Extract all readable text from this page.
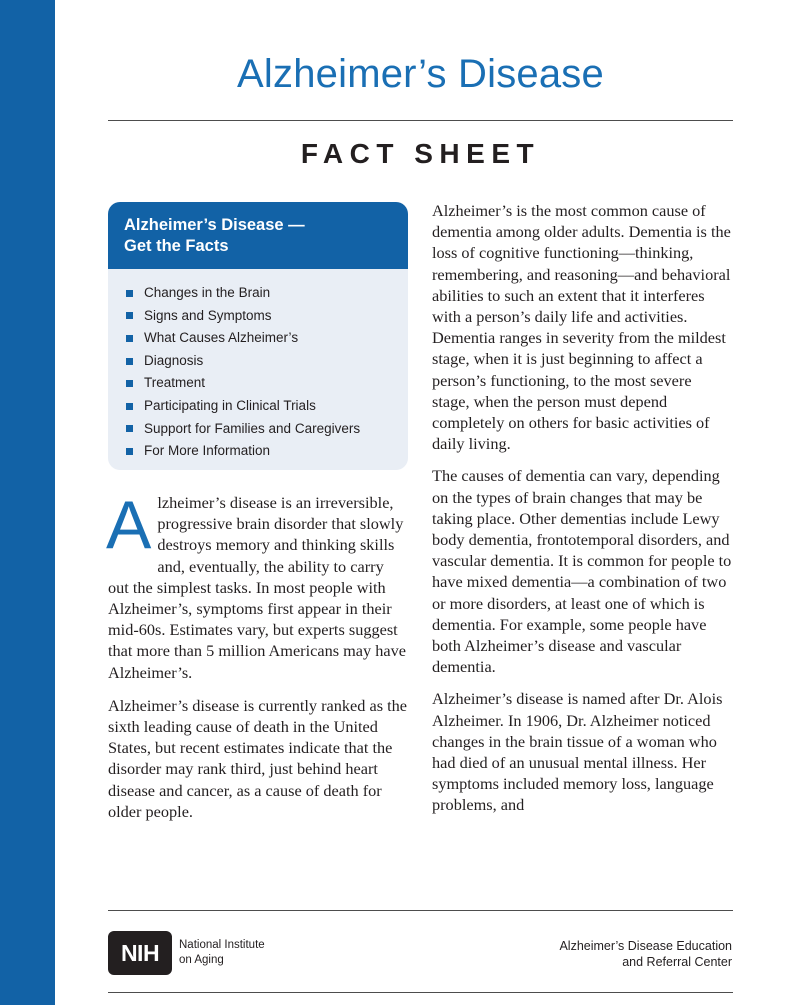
Alzheimer’s Disease
FACT SHEET
Alzheimer’s Disease —
Get the Facts
Changes in the Brain
Signs and Symptoms
What Causes Alzheimer’s
Diagnosis
Treatment
Participating in Clinical Trials
Support for Families and Caregivers
For More Information

Alzheimer’s disease is an irreversible, progressive brain disorder that slowly destroys memory and thinking skills and, eventually, the ability to carry out the simplest tasks. In most people with Alzheimer’s, symptoms first appear in their mid-60s. Estimates vary, but experts suggest that more than 5 million Americans may have Alzheimer’s.

Alzheimer’s disease is currently ranked as the sixth leading cause of death in the United States, but recent estimates indicate that the disorder may rank third, just behind heart disease and cancer, as a cause of death for older people.

Alzheimer’s is the most common cause of dementia among older adults. Dementia is the loss of cognitive functioning—thinking, remembering, and reasoning—and behavioral abilities to such an extent that it interferes with a person’s daily life and activities. Dementia ranges in severity from the mildest stage, when it is just beginning to affect a person’s functioning, to the most severe stage, when the person must depend completely on others for basic activities of daily living.

The causes of dementia can vary, depending on the types of brain changes that may be taking place. Other dementias include Lewy body dementia, frontotemporal disorders, and vascular dementia. It is common for people to have mixed dementia—a combination of two or more disorders, at least one of which is dementia. For example, some people have both Alzheimer’s disease and vascular dementia.

Alzheimer’s disease is named after Dr. Alois Alzheimer. In 1906, Dr. Alzheimer noticed changes in the brain tissue of a woman who had died of an unusual mental illness. Her symptoms included memory loss, language problems, and

NIH National Institute
on Aging
Alzheimer’s Disease Education
and Referral Center
